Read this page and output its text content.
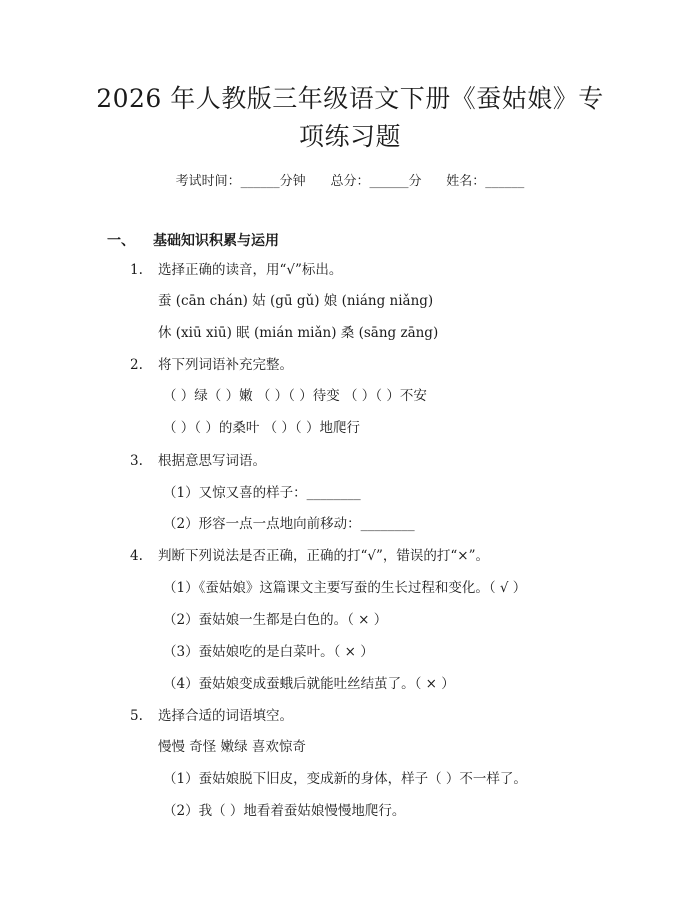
2026 年人教版三年级语文下册《蚕姑娘》专
项练习题
考试时间：______分钟 总分：______分 姓名：______
一、 基础知识积累与运用
1. 选择正确的读音，用“√”标出。
蚕 (cān chán) 姑 (gū gǔ) 娘 (niáng niǎng)
休 (xiū xiū) 眠 (mián miǎn) 桑 (sāng zāng)
2. 将下列词语补充完整。
（ ）绿（ ）嫩 （ ）（ ）待变 （ ）（ ）不安
（ ）（ ）的桑叶 （ ）（ ）地爬行
3. 根据意思写词语。
（1）又惊又喜的样子：________
（2）形容一点一点地向前移动：________
4. 判断下列说法是否正确，正确的打“√”，错误的打“×”。
（1）《蚕姑娘》这篇课文主要写蚕的生长过程和变化。（ √ ）
（2）蚕姑娘一生都是白色的。（ × ）
（3）蚕姑娘吃的是白菜叶。（ × ）
（4）蚕姑娘变成蚕蛾后就能吐丝结茧了。（ × ）
5. 选择合适的词语填空。
慢慢 奇怪 嫩绿 喜欢惊奇
（1）蚕姑娘脱下旧皮，变成新的身体，样子（ ）不一样了。
（2）我（ ）地看着蚕姑娘慢慢地爬行。
